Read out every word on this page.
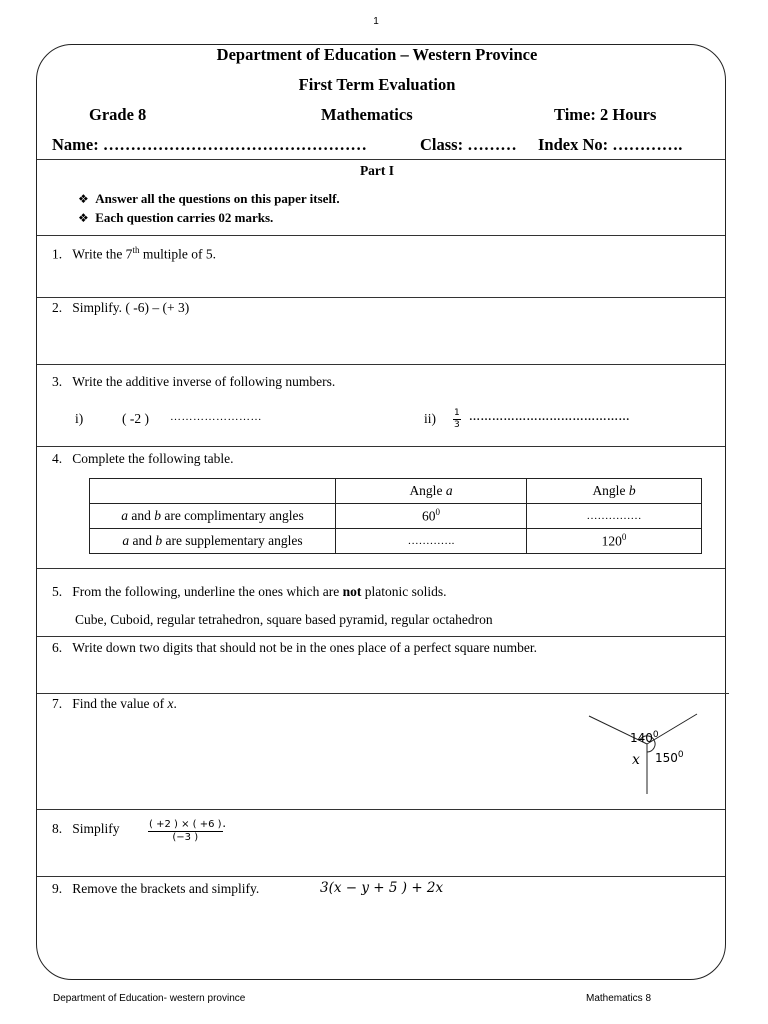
1
Department of Education – Western Province
First Term Evaluation
Grade 8	Mathematics	Time: 2 Hours
Name: …………………………………………	Class: ……… Index No: ………….
Part I
❖ Answer all the questions on this paper itself.
❖ Each question carries 02 marks.
1. Write the 7th multiple of 5.
2. Simplify. ( -6) – (+ 3)
3. Write the additive inverse of following numbers.
i)	( -2 ) ……………………	$ii) \frac{1}{3}$ ……………………………………
4. Complete the following table.
	Angle a	Angle b
a and b are complimentary angles	$60^0$	……………
a and b are supplementary angles	………….	$120^0$
5. From the following, underline the ones which are not platonic solids.
Cube, Cuboid, regular tetrahedron, square based pyramid, regular octahedron
6. Write down two digits that should not be in the ones place of a perfect square number.
7. Find the value of x.
$140^0$
$150^0$
x
8. Simplify	$\frac{( +2 ) \times ( +6 )}{(-3 )}$ .
9. Remove the brackets and simplify.	3(x − y + 5 ) + 2x
Department of Education- western province	Mathematics 8
